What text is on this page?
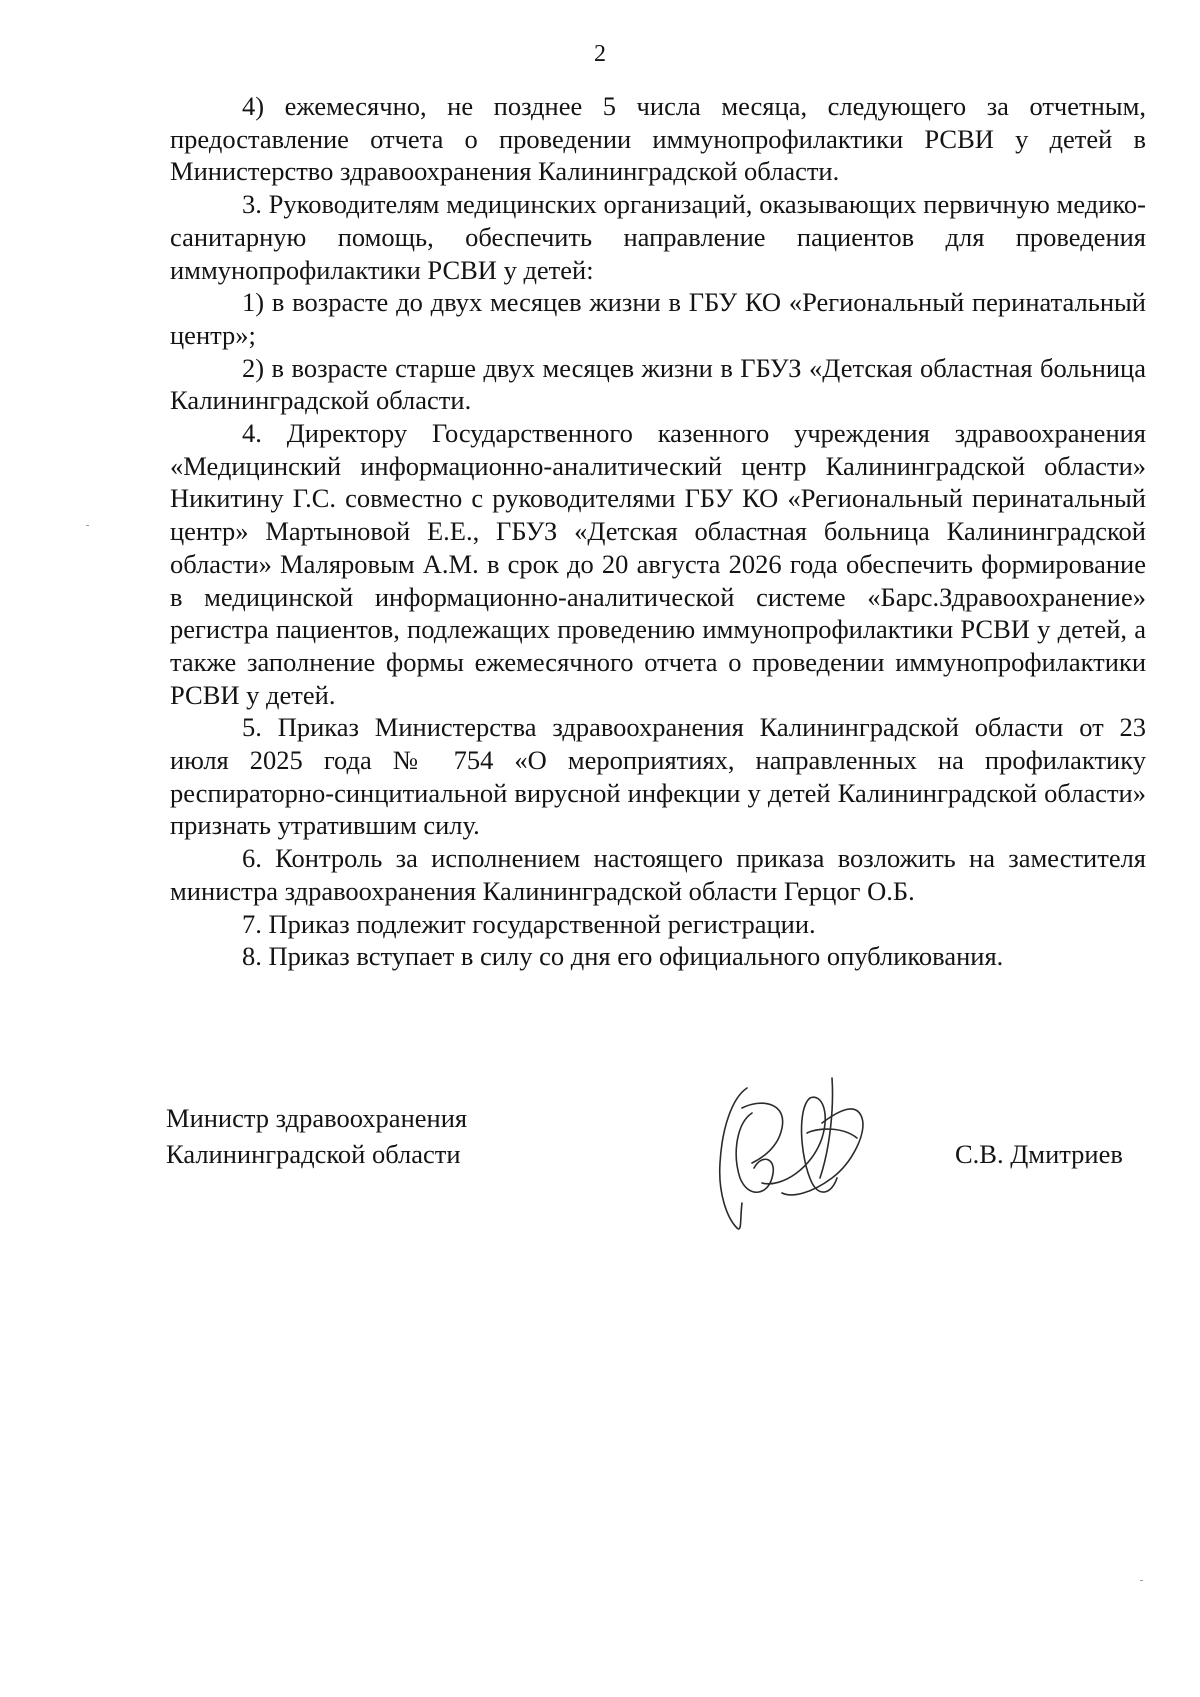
2

4) ежемесячно, не позднее 5 числа месяца, следующего за отчетным, предоставление отчета о проведении иммунопрофилактики РСВИ у детей в Министерство здравоохранения Калининградской области.

3. Руководителям медицинских организаций, оказывающих первичную медико-санитарную помощь, обеспечить направление пациентов для проведения иммунопрофилактики РСВИ у детей:

1) в возрасте до двух месяцев жизни в ГБУ КО «Региональный перинатальный центр»;

2) в возрасте старше двух месяцев жизни в ГБУЗ «Детская областная больница Калининградской области.

4. Директору Государственного казенного учреждения здравоохранения «Медицинский информационно-аналитический центр Калининградской области» Никитину Г.С. совместно с руководителями ГБУ КО «Региональный перинатальный центр» Мартыновой Е.Е., ГБУЗ «Детская областная больница Калининградской области» Маляровым А.М. в срок до 20 августа 2026 года обеспечить формирование в медицинской информационно-аналитической системе «Барс.Здравоохранение» регистра пациентов, подлежащих проведению иммунопрофилактики РСВИ у детей, а также заполнение формы ежемесячного отчета о проведении иммунопрофилактики РСВИ у детей.

5. Приказ Министерства здравоохранения Калининградской области от 23 июля 2025 года № 754 «О мероприятиях, направленных на профилактику респираторно-синцитиальной вирусной инфекции у детей Калининградской области» признать утратившим силу.

6. Контроль за исполнением настоящего приказа возложить на заместителя министра здравоохранения Калининградской области Герцог О.Б.

7. Приказ подлежит государственной регистрации.

8. Приказ вступает в силу со дня его официального опубликования.

Министр здравоохранения
Калининградской области	С.В. Дмитриев
